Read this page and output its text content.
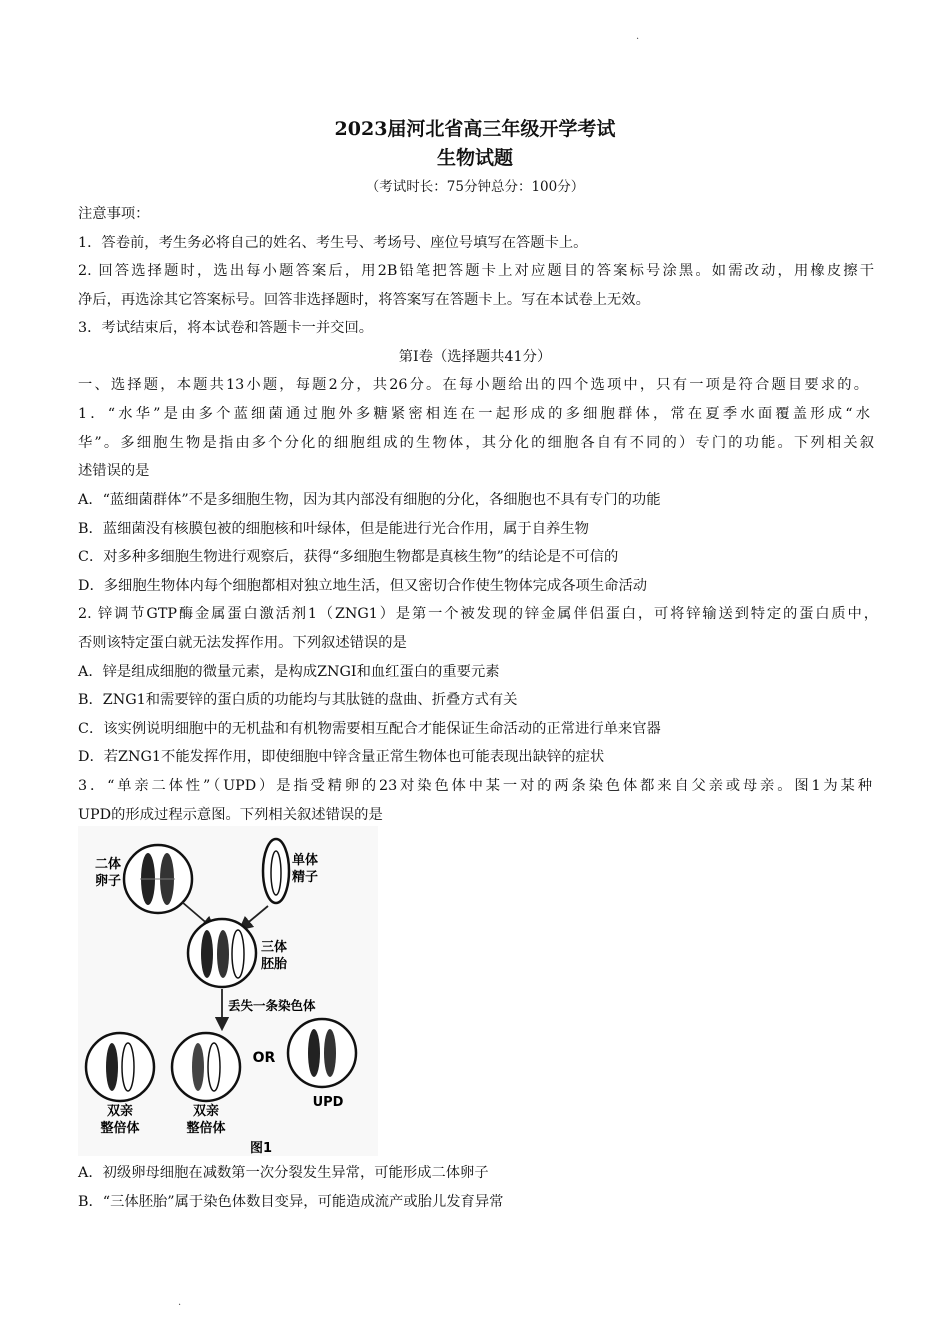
·
2023届河北省高三年级开学考试
生物试题
（考试时长：75分钟总分：100分）
注意事项：
1．答卷前，考生务必将自己的姓名、考生号、考场号、座位号填写在答题卡上。
2. 回答选择题时，选出每小题答案后，用2B铅笔把答题卡上对应题目的答案标号涂黑。如需改动，用橡皮擦干
净后，再选涂其它答案标号。回答非选择题时，将答案写在答题卡上。写在本试卷上无效。
3．考试结束后，将本试卷和答题卡一并交回。
第I卷（选择题共41分）
一、选择题，本题共13小题，每题2分，共26分。在每小题给出的四个选项中，只有一项是符合题目要求的。
1．“水华”是由多个蓝细菌通过胞外多糖紧密相连在一起形成的多细胞群体，常在夏季水面覆盖形成“水
华”。多细胞生物是指由多个分化的细胞组成的生物体，其分化的细胞各自有不同的）专门的功能。下列相关叙
述错误的是
A．“蓝细菌群体”不是多细胞生物，因为其内部没有细胞的分化，各细胞也不具有专门的功能
B．蓝细菌没有核膜包被的细胞核和叶绿体，但是能进行光合作用，属于自养生物
C．对多种多细胞生物进行观察后，获得“多细胞生物都是真核生物”的结论是不可信的
D．多细胞生物体内每个细胞都相对独立地生活，但又密切合作使生物体完成各项生命活动
2. 锌调节GTP酶金属蛋白激活剂1（ZNG1）是第一个被发现的锌金属伴侣蛋白，可将锌输送到特定的蛋白质中，
否则该特定蛋白就无法发挥作用。下列叙述错误的是
A．锌是组成细胞的微量元素，是构成ZNGI和血红蛋白的重要元素
B．ZNG1和需要锌的蛋白质的功能均与其肽链的盘曲、折叠方式有关
C．该实例说明细胞中的无机盐和有机物需要相互配合才能保证生命活动的正常进行单来官器
D．若ZNG1不能发挥作用，即使细胞中锌含量正常生物体也可能表现出缺锌的症状
3．“单亲二体性”（UPD）是指受精卵的23对染色体中某一对的两条染色体都来自父亲或母亲。图1为某种
UPD的形成过程示意图。下列相关叙述错误的是
二体
卵子
单体
精子
三体
胚胎
丢失一条染色体
双亲
整倍体
双亲
整倍体
OR
UPD
图1
A．初级卵母细胞在减数第一次分裂发生异常，可能形成二体卵子
B．“三体胚胎”属于染色体数目变异，可能造成流产或胎儿发育异常
·
